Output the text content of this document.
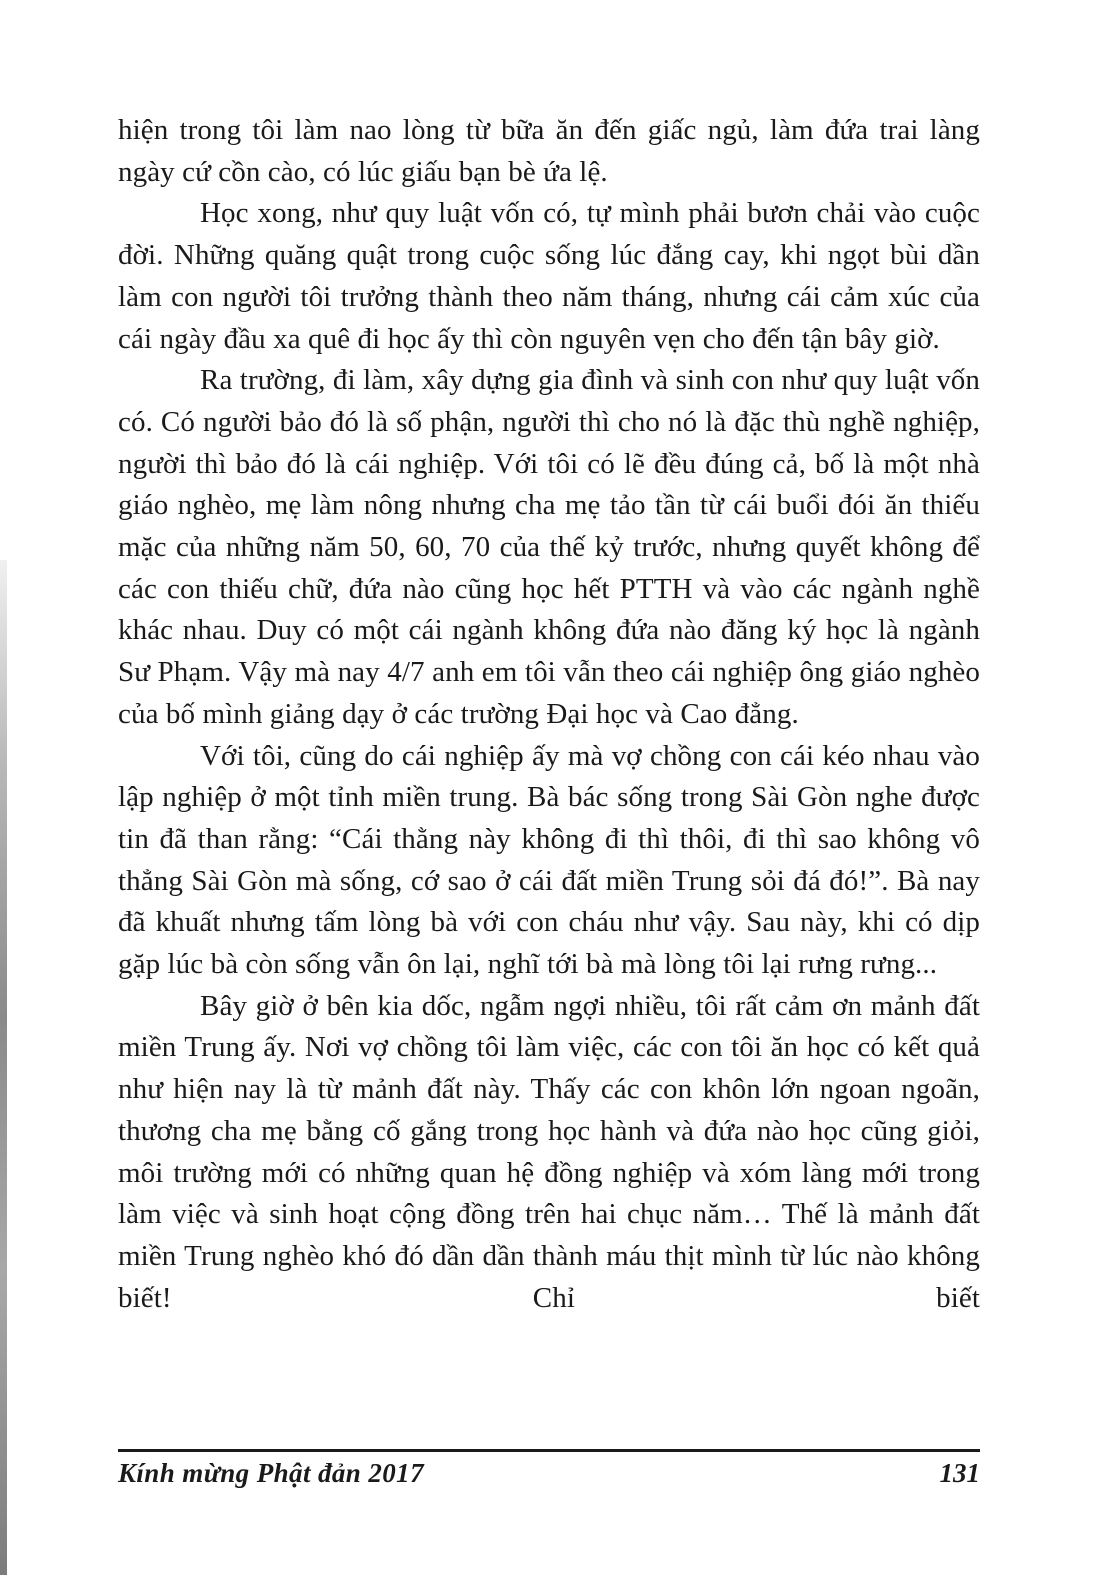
hiện trong tôi làm nao lòng từ bữa ăn đến giấc ngủ, làm đứa trai làng ngày cứ cồn cào, có lúc giấu bạn bè ứa lệ.

Học xong, như quy luật vốn có, tự mình phải bươn chải vào cuộc đời. Những quăng quật trong cuộc sống lúc đắng cay, khi ngọt bùi dần làm con người tôi trưởng thành theo năm tháng, nhưng cái cảm xúc của cái ngày đầu xa quê đi học ấy thì còn nguyên vẹn cho đến tận bây giờ.

Ra trường, đi làm, xây dựng gia đình và sinh con như quy luật vốn có. Có người bảo đó là số phận, người thì cho nó là đặc thù nghề nghiệp, người thì bảo đó là cái nghiệp. Với tôi có lẽ đều đúng cả, bố là một nhà giáo nghèo, mẹ làm nông nhưng cha mẹ tảo tần từ cái buổi đói ăn thiếu mặc của những năm 50, 60, 70 của thế kỷ trước, nhưng quyết không để các con thiếu chữ, đứa nào cũng học hết PTTH và vào các ngành nghề khác nhau. Duy có một cái ngành không đứa nào đăng ký học là ngành Sư Phạm. Vậy mà nay 4/7 anh em tôi vẫn theo cái nghiệp ông giáo nghèo của bố mình giảng dạy ở các trường Đại học và Cao đẳng.

Với tôi, cũng do cái nghiệp ấy mà vợ chồng con cái kéo nhau vào lập nghiệp ở một tỉnh miền trung. Bà bác sống trong Sài Gòn nghe được tin đã than rằng: “Cái thằng này không đi thì thôi, đi thì sao không vô thẳng Sài Gòn mà sống, cớ sao ở cái đất miền Trung sỏi đá đó!”. Bà nay đã khuất nhưng tấm lòng bà với con cháu như vậy. Sau này, khi có dịp gặp lúc bà còn sống vẫn ôn lại, nghĩ tới bà mà lòng tôi lại rưng rưng...

Bây giờ ở bên kia dốc, ngẫm ngợi nhiều, tôi rất cảm ơn mảnh đất miền Trung ấy. Nơi vợ chồng tôi làm việc, các con tôi ăn học có kết quả như hiện nay là từ mảnh đất này. Thấy các con khôn lớn ngoan ngoãn, thương cha mẹ bằng cố gắng trong học hành và đứa nào học cũng giỏi, môi trường mới có những quan hệ đồng nghiệp và xóm làng mới trong làm việc và sinh hoạt cộng đồng trên hai chục năm… Thế là mảnh đất miền Trung nghèo khó đó dần dần thành máu thịt mình từ lúc nào không biết! Chỉ biết

Kính mừng Phật đản 2017	131
